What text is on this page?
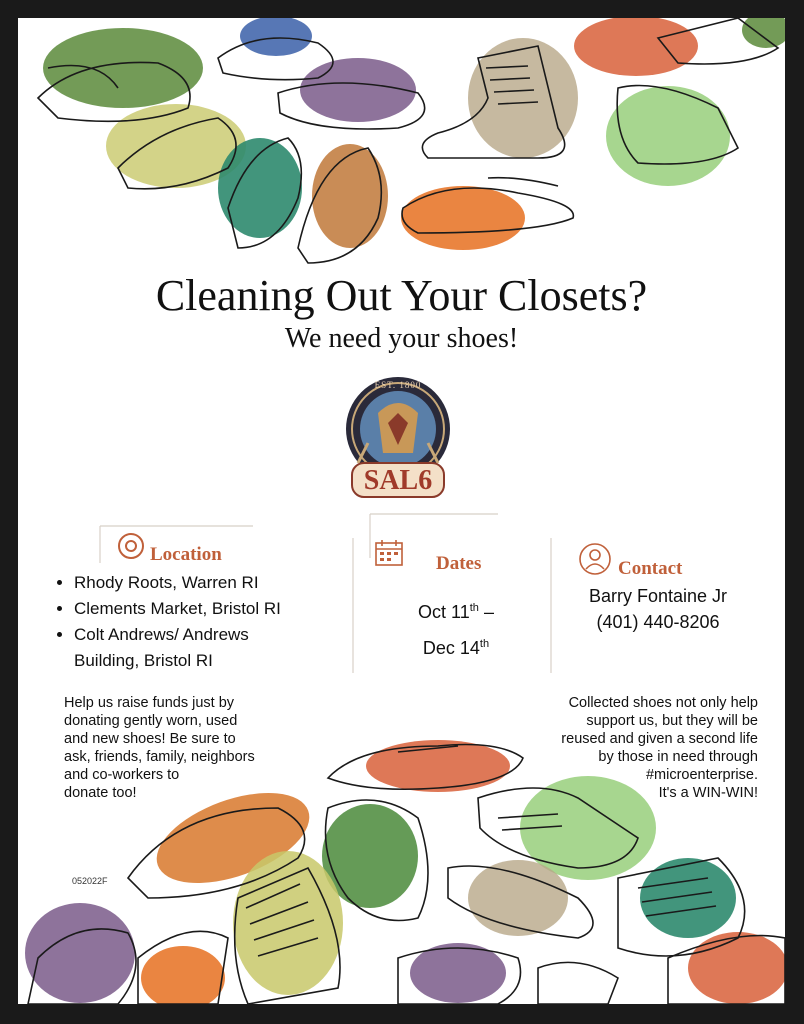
Cleaning Out Your Closets?
We need your shoes!
EST. 1800
SAL6
Location
• Rhody Roots, Warren RI
• Clements Market, Bristol RI
• Colt Andrews/ Andrews
Building, Bristol RI
Dates
Oct 11th –
Dec 14th
Contact
Barry Fontaine Jr
(401) 440-8206
Help us raise funds just by
donating gently worn, used
and new shoes! Be sure to
ask, friends, family, neighbors
and co-workers to
donate too!
Collected shoes not only help
support us, but they will be
reused and given a second life
by those in need through
#microenterprise.
It's a WIN-WIN!
052022F
